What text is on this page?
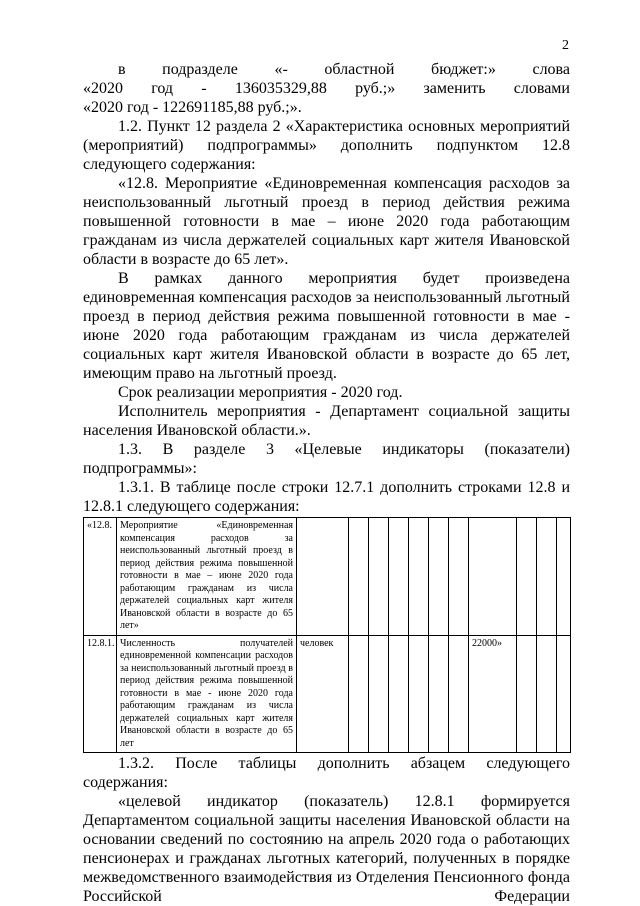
2

в подразделе «- областной бюджет:» слова

«2020 год - 136035329,88 руб.;» заменить словами

«2020 год - 122691185,88 руб.;».

1.2. Пункт 12 раздела 2 «Характеристика основных мероприятий (мероприятий) подпрограммы» дополнить подпунктом 12.8 следующего содержания:

«12.8. Мероприятие «Единовременная компенсация расходов за неиспользованный льготный проезд в период действия режима повышенной готовности в мае – июне 2020 года работающим гражданам из числа держателей социальных карт жителя Ивановской области в возрасте до 65 лет».

В рамках данного мероприятия будет произведена единовременная компенсация расходов за неиспользованный льготный проезд в период действия режима повышенной готовности в мае - июне 2020 года работающим гражданам из числа держателей социальных карт жителя Ивановской области в возрасте до 65 лет, имеющим право на льготный проезд.

Срок реализации мероприятия - 2020 год.

Исполнитель мероприятия - Департамент социальной защиты населения Ивановской области.».

1.3. В разделе 3 «Целевые индикаторы (показатели) подпрограммы»:

1.3.1. В таблице после строки 12.7.1 дополнить строками 12.8 и 12.8.1 следующего содержания:

«12.8.	Мероприятие «Единовременная компенсация расходов за неиспользованный льготный проезд в период действия режима повышенной готовности в мае – июне 2020 года работающим гражданам из числа держателей социальных карт жителя Ивановской области в возрасте до 65 лет»											
12.8.1.	Численность получателей единовременной компенсации расходов за неиспользованный льготный проезд в период действия режима повышенной готовности в мае - июне 2020 года работающим гражданам из числа держателей социальных карт жителя Ивановской области в возрасте до 65 лет	человек							22000»			

1.3.2. После таблицы дополнить абзацем следующего содержания:

«целевой индикатор (показатель) 12.8.1 формируется Департаментом социальной защиты населения Ивановской области на основании сведений по состоянию на апрель 2020 года о работающих пенсионерах и гражданах льготных категорий, полученных в порядке межведомственного взаимодействия из Отделения Пенсионного фонда Российской Федерации
